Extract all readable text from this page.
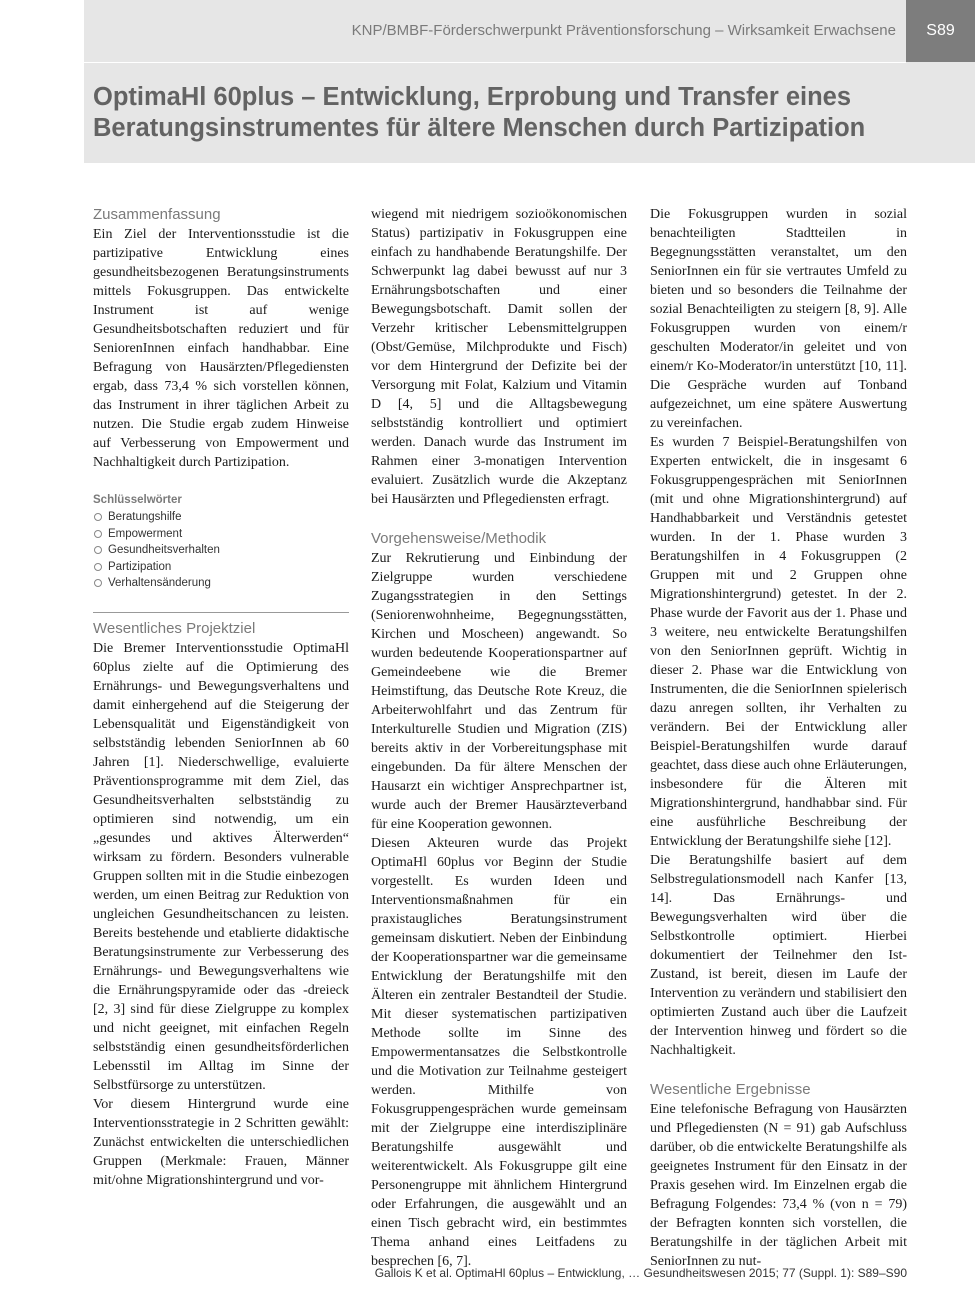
KNP/BMBF-Förderschwerpunkt Präventionsforschung – Wirksamkeit Erwachsene	S89
OptimaHl 60plus – Entwicklung, Erprobung und Transfer eines Beratungsinstrumentes für ältere Menschen durch Partizipation
Zusammenfassung

Ein Ziel der Interventionsstudie ist die partizipative Entwicklung eines gesundheitsbezogenen Beratungsinstruments mittels Fokusgruppen. Das entwickelte Instrument ist auf wenige Gesundheitsbotschaften reduziert und für SeniorenInnen einfach handhabbar. Eine Befragung von Hausärzten/Pflegediensten ergab, dass 73,4 % sich vorstellen können, das Instrument in ihrer täglichen Arbeit zu nutzen. Die Studie ergab zudem Hinweise auf Verbesserung von Empowerment und Nachhaltigkeit durch Partizipation.

Schlüsselwörter
Beratungshilfe
Empowerment
Gesundheitsverhalten
Partizipation
Verhaltensänderung
Wesentliches Projektziel

Die Bremer Interventionsstudie OptimaHl 60plus zielte auf die Optimierung des Ernährungs- und Bewegungsverhaltens und damit einhergehend auf die Steigerung der Lebensqualität und Eigenständigkeit von selbstständig lebenden SeniorInnen ab 60 Jahren [1]. Niederschwellige, evaluierte Präventionsprogramme mit dem Ziel, das Gesundheitsverhalten selbstständig zu optimieren sind notwendig, um ein „gesundes und aktives Älterwerden“ wirksam zu fördern. Besonders vulnerable Gruppen sollten mit in die Studie einbezogen werden, um einen Beitrag zur Reduktion von ungleichen Gesundheitschancen zu leisten. Bereits bestehende und etablierte didaktische Beratungsinstrumente zur Verbesserung des Ernährungs- und Bewegungsverhaltens wie die Ernährungspyramide oder das -dreieck [2, 3] sind für diese Zielgruppe zu komplex und nicht geeignet, mit einfachen Regeln selbstständig einen gesundheitsförderlichen Lebensstil im Alltag im Sinne der Selbstfürsorge zu unterstützen.

Vor diesem Hintergrund wurde eine Interventionsstrategie in 2 Schritten gewählt: Zunächst entwickelten die unterschiedlichen Gruppen (Merkmale: Frauen, Männer mit/ohne Migrationshintergrund und vor-

wiegend mit niedrigem sozioökonomischen Status) partizipativ in Fokusgruppen eine einfach zu handhabende Beratungshilfe. Der Schwerpunkt lag dabei bewusst auf nur 3 Ernährungsbotschaften und einer Bewegungsbotschaft. Damit sollen der Verzehr kritischer Lebensmittelgruppen (Obst/Gemüse, Milchprodukte und Fisch) vor dem Hintergrund der Defizite bei der Versorgung mit Folat, Kalzium und Vitamin D [4, 5] und die Alltagsbewegung selbstständig kontrolliert und optimiert werden. Danach wurde das Instrument im Rahmen einer 3-monatigen Intervention evaluiert. Zusätzlich wurde die Akzeptanz bei Hausärzten und Pflegediensten erfragt.

Vorgehensweise/Methodik

Zur Rekrutierung und Einbindung der Zielgruppe wurden verschiedene Zugangsstrategien in den Settings (Seniorenwohnheime, Begegnungsstätten, Kirchen und Moscheen) angewandt. So wurden bedeutende Kooperationspartner auf Gemeindeebene wie die Bremer Heimstiftung, das Deutsche Rote Kreuz, die Arbeiterwohlfahrt und das Zentrum für Interkulturelle Studien und Migration (ZIS) bereits aktiv in der Vorbereitungsphase mit eingebunden. Da für ältere Menschen der Hausarzt ein wichtiger Ansprechpartner ist, wurde auch der Bremer Hausärzteverband für eine Kooperation gewonnen.

Diesen Akteuren wurde das Projekt OptimaHl 60plus vor Beginn der Studie vorgestellt. Es wurden Ideen und Interventionsmaßnahmen für ein praxistaugliches Beratungsinstrument gemeinsam diskutiert. Neben der Einbindung der Kooperationspartner war die gemeinsame Entwicklung der Beratungshilfe mit den Älteren ein zentraler Bestandteil der Studie. Mit dieser systematischen partizipativen Methode sollte im Sinne des Empowermentansatzes die Selbstkontrolle und die Motivation zur Teilnahme gesteigert werden. Mithilfe von Fokusgruppengesprächen wurde gemeinsam mit der Zielgruppe eine interdisziplinäre Beratungshilfe ausgewählt und weiterentwickelt. Als Fokusgruppe gilt eine Personengruppe mit ähnlichem Hintergrund oder Erfahrungen, die ausgewählt und an einen Tisch gebracht wird, ein bestimmtes Thema anhand eines Leitfadens zu besprechen [6, 7].

Die Fokusgruppen wurden in sozial benachteiligten Stadtteilen in Begegnungsstätten veranstaltet, um den SeniorInnen ein für sie vertrautes Umfeld zu bieten und so besonders die Teilnahme der sozial Benachteiligten zu steigern [8, 9]. Alle Fokusgruppen wurden von einem/r geschulten Moderator/in geleitet und von einem/r Ko-Moderator/in unterstützt [10, 11]. Die Gespräche wurden auf Tonband aufgezeichnet, um eine spätere Auswertung zu vereinfachen.

Es wurden 7 Beispiel-Beratungshilfen von Experten entwickelt, die in insgesamt 6 Fokusgruppengesprächen mit SeniorInnen (mit und ohne Migrationshintergrund) auf Handhabbarkeit und Verständnis getestet wurden. In der 1. Phase wurden 3 Beratungshilfen in 4 Fokusgruppen (2 Gruppen mit und 2 Gruppen ohne Migrationshintergrund) getestet. In der 2. Phase wurde der Favorit aus der 1. Phase und 3 weitere, neu entwickelte Beratungshilfen von den SeniorInnen geprüft. Wichtig in dieser 2. Phase war die Entwicklung von Instrumenten, die die SeniorInnen spielerisch dazu anregen sollten, ihr Verhalten zu verändern. Bei der Entwicklung aller Beispiel-Beratungshilfen wurde darauf geachtet, dass diese auch ohne Erläuterungen, insbesondere für die Älteren mit Migrationshintergrund, handhabbar sind. Für eine ausführliche Beschreibung der Entwicklung der Beratungshilfe siehe [12].

Die Beratungshilfe basiert auf dem Selbstregulationsmodell nach Kanfer [13, 14]. Das Ernährungs- und Bewegungsverhalten wird über die Selbstkontrolle optimiert. Hierbei dokumentiert der Teilnehmer den Ist-Zustand, ist bereit, diesen im Laufe der Intervention zu verändern und stabilisiert den optimierten Zustand auch über die Laufzeit der Intervention hinweg und fördert so die Nachhaltigkeit.

Wesentliche Ergebnisse

Eine telefonische Befragung von Hausärzten und Pflegediensten (N = 91) gab Aufschluss darüber, ob die entwickelte Beratungshilfe als geeignetes Instrument für den Einsatz in der Praxis gesehen wird. Im Einzelnen ergab die Befragung Folgendes: 73,4 % (von n = 79) der Befragten konnten sich vorstellen, die Beratungshilfe in der täglichen Arbeit mit SeniorInnen zu nut-

Gallois K et al. OptimaHl 60plus – Entwicklung, … Gesundheitswesen 2015; 77 (Suppl. 1): S89–S90
